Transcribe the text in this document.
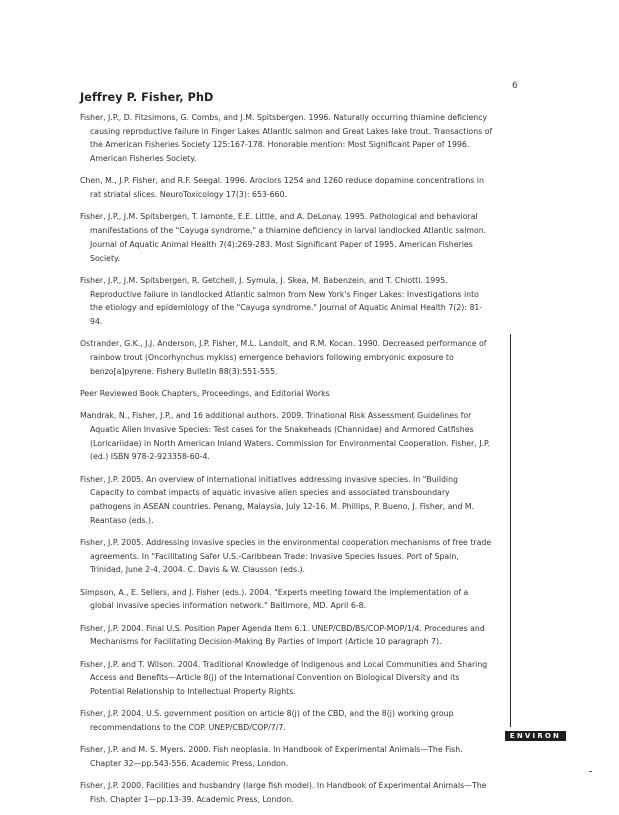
6
Jeffrey P. Fisher, PhD

Fisher, J.P., D. Fitzsimons, G. Combs, and J.M. Spitsbergen. 1996. Naturally occurring thiamine deficiency causing reproductive failure in Finger Lakes Atlantic salmon and Great Lakes lake trout. Transactions of the American Fisheries Society 125:167-178. Honorable mention: Most Significant Paper of 1996. American Fisheries Society.

Chen, M., J.P. Fisher, and R.F. Seegal. 1996. Aroclors 1254 and 1260 reduce dopamine concentrations in rat striatal slices. NeuroToxicology 17(3): 653-660.

Fisher, J.P., J.M. Spitsbergen, T. Iamonte, E.E. Little, and A. DeLonay. 1995. Pathological and behavioral manifestations of the "Cayuga syndrome," a thiamine deficiency in larval landlocked Atlantic salmon. Journal of Aquatic Animal Health 7(4):269-283. Most Significant Paper of 1995. American Fisheries Society.

Fisher, J.P., J.M. Spitsbergen, R. Getchell, J. Symula, J. Skea, M. Babenzein, and T. Chiotti. 1995. Reproductive failure in landlocked Atlantic salmon from New York's Finger Lakes: Investigations into the etiology and epidemiology of the "Cayuga syndrome." Journal of Aquatic Animal Health 7(2): 81-94.

Ostrander, G.K., J.J. Anderson, J.P. Fisher, M.L. Landolt, and R.M. Kocan. 1990. Decreased performance of rainbow trout (Oncorhynchus mykiss) emergence behaviors following embryonic exposure to benzo[a]pyrene. Fishery Bulletin 88(3):551-555.

Peer Reviewed Book Chapters, Proceedings, and Editorial Works

Mandrak, N., Fisher, J.P., and 16 additional authors. 2009. Trinational Risk Assessment Guidelines for Aquatic Alien Invasive Species: Test cases for the Snakeheads (Channidae) and Armored Catfishes (Loricariidae) in North American Inland Waters. Commission for Environmental Cooperation. Fisher, J.P. (ed.) ISBN 978-2-923358-60-4.

Fisher, J.P. 2005. An overview of international initiatives addressing invasive species. In "Building Capacity to combat impacts of aquatic invasive alien species and associated transboundary pathogens in ASEAN countries. Penang, Malaysia, July 12-16. M. Phillips, P. Bueno, J. Fisher, and M. Reantaso (eds.).

Fisher, J.P. 2005. Addressing invasive species in the environmental cooperation mechanisms of free trade agreements. In "Facilitating Safer U.S.-Caribbean Trade: Invasive Species Issues. Port of Spain, Trinidad, June 2-4, 2004. C. Davis & W. Clausson (eds.).

Simpson, A., E. Sellers, and J. Fisher (eds.). 2004. "Experts meeting toward the implementation of a global invasive species information network." Baltimore, MD. April 6-8.

Fisher, J.P. 2004. Final U.S. Position Paper Agenda Item 6.1. UNEP/CBD/BS/COP-MOP/1/4. Procedures and Mechanisms for Facilitating Decision-Making By Parties of Import (Article 10 paragraph 7).

Fisher, J.P. and T. Wilson. 2004. Traditional Knowledge of Indigenous and Local Communities and Sharing Access and Benefits—Article 8(j) of the International Convention on Biological Diversity and its Potential Relationship to Intellectual Property Rights.

Fisher, J.P. 2004. U.S. government position on article 8(j) of the CBD, and the 8(j) working group recommendations to the COP. UNEP/CBD/COP/7/7.

Fisher, J.P. and M. S. Myers. 2000. Fish neoplasia. In Handbook of Experimental Animals—The Fish. Chapter 32—pp.543-556. Academic Press, London.

Fisher, J.P. 2000. Facilities and husbandry (large fish model). In Handbook of Experimental Animals—The Fish. Chapter 1—pp.13-39. Academic Press, London.

ENVIRON
